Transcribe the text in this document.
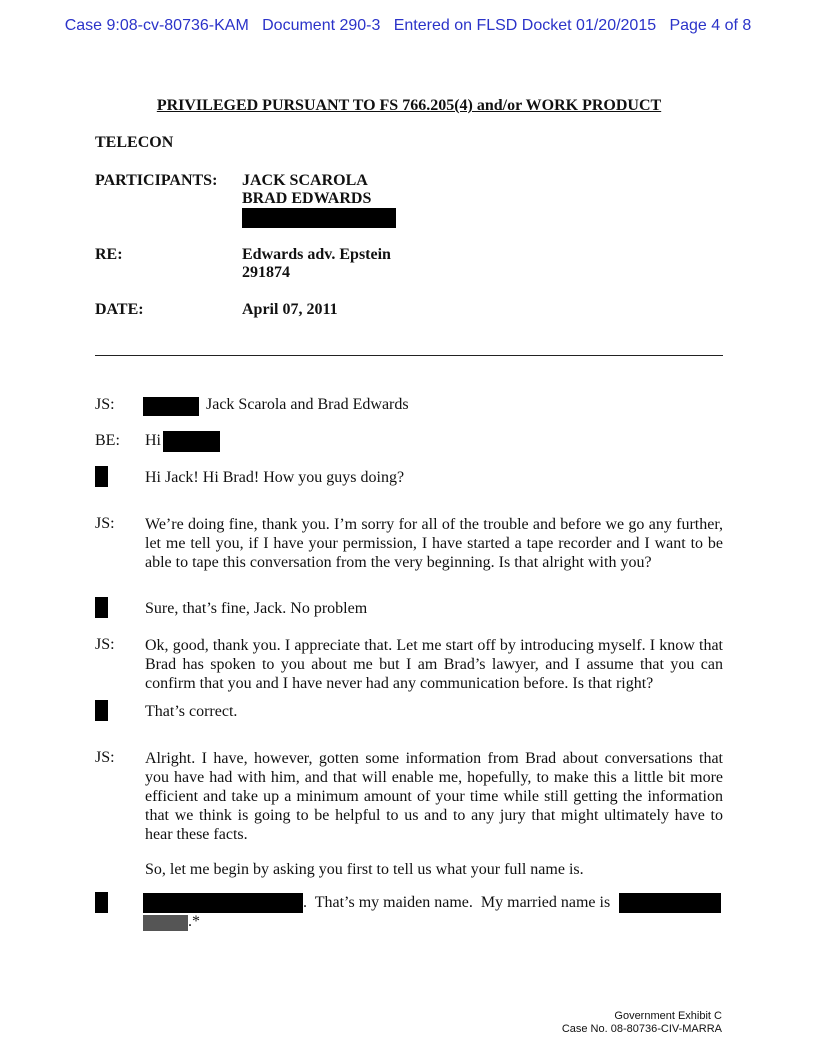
Case 9:08-cv-80736-KAM   Document 290-3   Entered on FLSD Docket 01/20/2015   Page 4 of 8
PRIVILEGED PURSUANT TO FS 766.205(4) and/or WORK PRODUCT
TELECON
PARTICIPANTS: JACK SCAROLA
BRAD EDWARDS
RE:	Edwards adv. Epstein
291874
DATE:	April 07, 2011
JS:	Jack Scarola and Brad Edwards
BE: Hi
Hi Jack! Hi Brad! How you guys doing?
JS: We’re doing fine, thank you. I’m sorry for all of the trouble and before we go any further, let me tell you, if I have your permission, I have started a tape recorder and I want to be able to tape this conversation from the very beginning. Is that alright with you?
Sure, that’s fine, Jack. No problem
JS: Ok, good, thank you. I appreciate that. Let me start off by introducing myself. I know that Brad has spoken to you about me but I am Brad’s lawyer, and I assume that you can confirm that you and I have never had any communication before. Is that right?
That’s correct.
JS: Alright. I have, however, gotten some information from Brad about conversations that you have had with him, and that will enable me, hopefully, to make this a little bit more efficient and take up a minimum amount of your time while still getting the information that we think is going to be helpful to us and to any jury that might ultimately have to hear these facts.
So, let me begin by asking you first to tell us what your full name is.
.  That’s my maiden name.  My married name is
.*
Government Exhibit C
Case No. 08-80736-CIV-MARRA
